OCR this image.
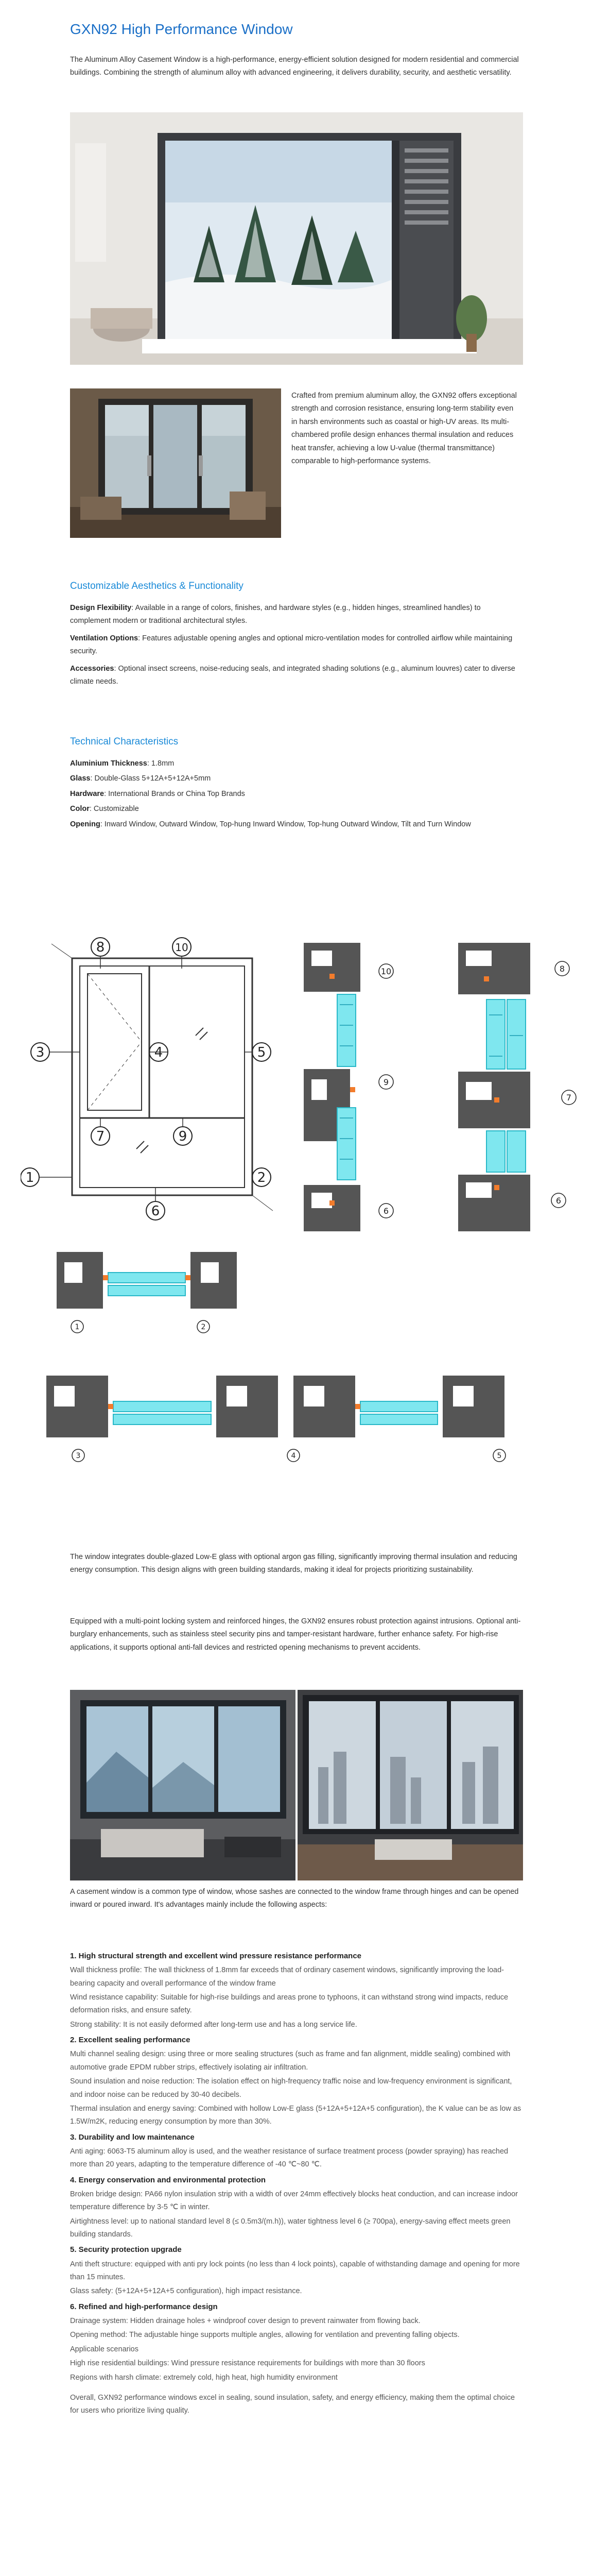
GXN92 High Performance Window

The Aluminum Alloy Casement Window is a high-performance, energy-efficient solution designed for modern residential and commercial buildings. Combining the strength of aluminum alloy with advanced engineering, it delivers durability, security, and aesthetic versatility.

Crafted from premium aluminum alloy, the GXN92 offers exceptional strength and corrosion resistance, ensuring long-term stability even in harsh environments such as coastal or high-UV areas. Its multi-chambered profile design enhances thermal insulation and reduces heat transfer, achieving a low U-value (thermal transmittance) comparable to high-performance systems.

Customizable Aesthetics & Functionality

Design Flexibility: Available in a range of colors, finishes, and hardware styles (e.g., hidden hinges, streamlined handles) to complement modern or traditional architectural styles.

Ventilation Options: Features adjustable opening angles and optional micro-ventilation modes for controlled airflow while maintaining security.

Accessories: Optional insect screens, noise-reducing seals, and integrated shading solutions (e.g., aluminum louvres) cater to diverse climate needs.

Technical Characteristics

Aluminium Thickness: 1.8mm

Glass: Double-Glass 5+12A+5+12A+5mm

Hardware: International Brands or China Top Brands

Color: Customizable

Opening: Inward Window, Outward Window, Top-hung Inward Window, Top-hung Outward Window, Tilt and Turn Window

8	10
3	4	5
7	9
1	2
6
10	8
9
7
6
6
1	2
3	4	5

The window integrates double-glazed Low-E glass with optional argon gas filling, significantly improving thermal insulation and reducing energy consumption. This design aligns with green building standards, making it ideal for projects prioritizing sustainability.

Equipped with a multi-point locking system and reinforced hinges, the GXN92 ensures robust protection against intrusions. Optional anti-burglary enhancements, such as stainless steel security pins and tamper-resistant hardware, further enhance safety. For high-rise applications, it supports optional anti-fall devices and restricted opening mechanisms to prevent accidents.

A casement window is a common type of window, whose sashes are connected to the window frame through hinges and can be opened inward or poured inward. It's advantages mainly include the following aspects:

1. High structural strength and excellent wind pressure resistance performance

Wall thickness profile: The wall thickness of 1.8mm far exceeds that of ordinary casement windows, significantly improving the load-bearing capacity and overall performance of the window frame

Wind resistance capability: Suitable for high-rise buildings and areas prone to typhoons, it can withstand strong wind impacts, reduce deformation risks, and ensure safety.

Strong stability: It is not easily deformed after long-term use and has a long service life.

2. Excellent sealing performance

Multi channel sealing design: using three or more sealing structures (such as frame and fan alignment, middle sealing) combined with automotive grade EPDM rubber strips, effectively isolating air infiltration.

Sound insulation and noise reduction: The isolation effect on high-frequency traffic noise and low-frequency environment is significant, and indoor noise can be reduced by 30-40 decibels.

Thermal insulation and energy saving: Combined with hollow Low-E glass (5+12A+5+12A+5 configuration), the K value can be as low as 1.5W/m2K, reducing energy consumption by more than 30%.

3. Durability and low maintenance

Anti aging: 6063-T5 aluminum alloy is used, and the weather resistance of surface treatment process (powder spraying) has reached more than 20 years, adapting to the temperature difference of -40 ℃~80 ℃.

4. Energy conservation and environmental protection

Broken bridge design: PA66 nylon insulation strip with a width of over 24mm effectively blocks heat conduction, and can increase indoor temperature difference by 3-5 ℃ in winter.

Airtightness level: up to national standard level 8 (≤ 0.5m3/(m.h)), water tightness level 6 (≥ 700pa), energy-saving effect meets green building standards.

5. Security protection upgrade

Anti theft structure: equipped with anti pry lock points (no less than 4 lock points), capable of withstanding damage and opening for more than 15 minutes.

Glass safety: (5+12A+5+12A+5 configuration), high impact resistance.

6. Refined and high-performance design

Drainage system: Hidden drainage holes + windproof cover design to prevent rainwater from flowing back.

Opening method: The adjustable hinge supports multiple angles, allowing for ventilation and preventing falling objects.

Applicable scenarios

High rise residential buildings: Wind pressure resistance requirements for buildings with more than 30 floors

Regions with harsh climate: extremely cold, high heat, high humidity environment

Overall, GXN92 performance windows excel in sealing, sound insulation, safety, and energy efficiency, making them the optimal choice for users who prioritize living quality.
